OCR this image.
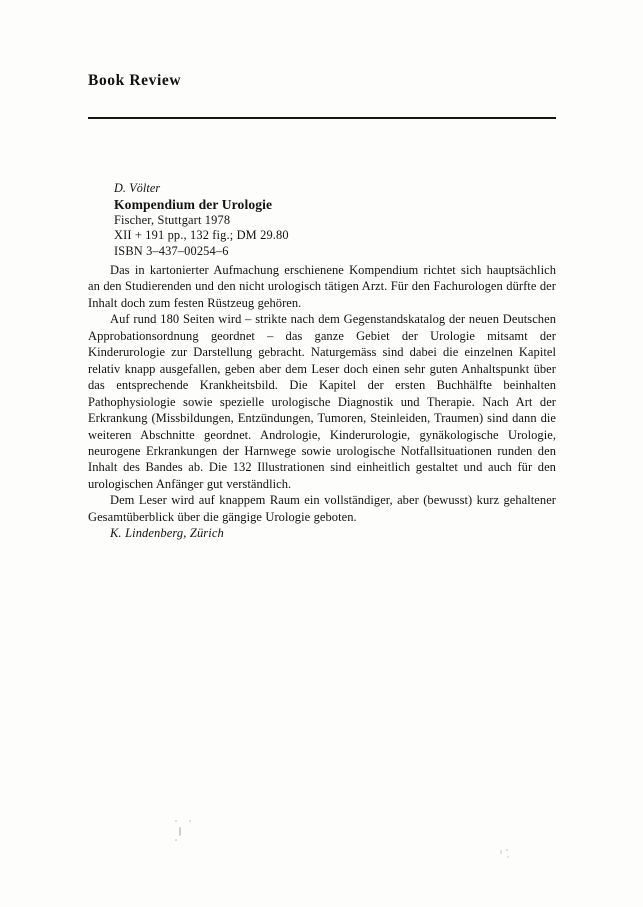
Book Review
D. Völter
Kompendium der Urologie
Fischer, Stuttgart 1978
XII + 191 pp., 132 fig.; DM 29.80
ISBN 3–437–00254–6

Das in kartonierter Aufmachung erschienene Kompendium richtet sich hauptsächlich an den Studierenden und den nicht urologisch tätigen Arzt. Für den Fachurologen dürfte der Inhalt doch zum festen Rüstzeug gehören.

Auf rund 180 Seiten wird – strikte nach dem Gegenstandskatalog der neuen Deutschen Approbationsordnung geordnet – das ganze Gebiet der Urologie mitsamt der Kinderurologie zur Darstellung gebracht. Naturgemäss sind dabei die einzelnen Kapitel relativ knapp ausgefallen, geben aber dem Leser doch einen sehr guten Anhaltspunkt über das entsprechende Krankheitsbild. Die Kapitel der ersten Buchhälfte beinhalten Pathophysiologie sowie spezielle urologische Diagnostik und Therapie. Nach Art der Erkrankung (Missbildungen, Entzündungen, Tumoren, Steinleiden, Traumen) sind dann die weiteren Abschnitte geordnet. Andrologie, Kinderurologie, gynäkologische Urologie, neurogene Erkrankungen der Harnwege sowie urologische Notfallsituationen runden den Inhalt des Bandes ab. Die 132 Illustrationen sind einheitlich gestaltet und auch für den urologischen Anfänger gut verständlich.

Dem Leser wird auf knappem Raum ein vollständiger, aber (bewusst) kurz gehaltener Gesamtüberblick über die gängige Urologie geboten.

K. Lindenberg, Zürich
